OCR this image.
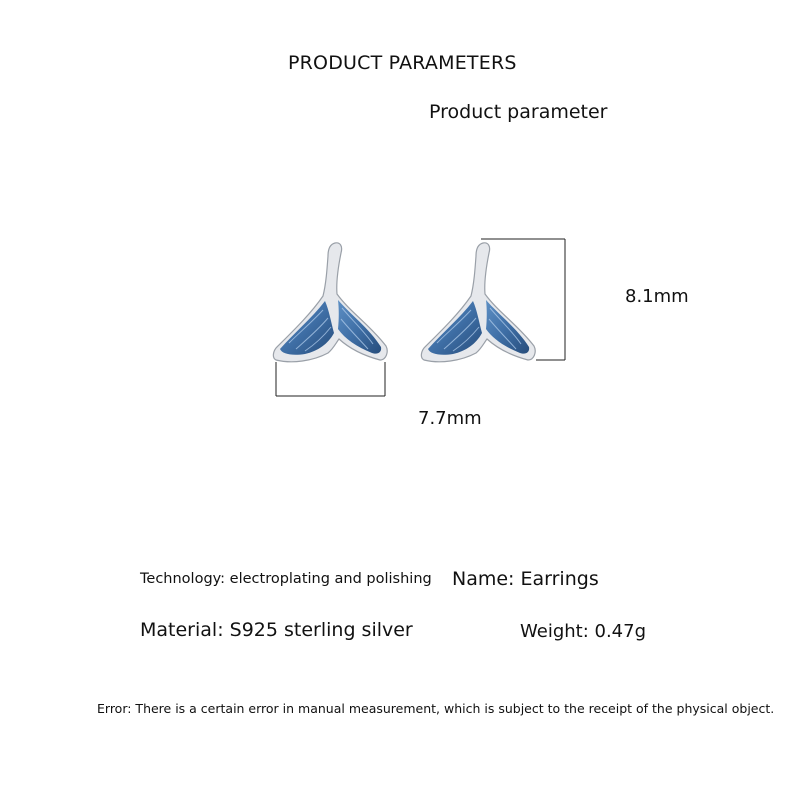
PRODUCT PARAMETERS
Product parameter
8.1mm
7.7mm
Technology: electroplating and polishing Name: Earrings
Material: S925 sterling silver	Weight: 0.47g
Error: There is a certain error in manual measurement, which is subject to the receipt of the physical object.
